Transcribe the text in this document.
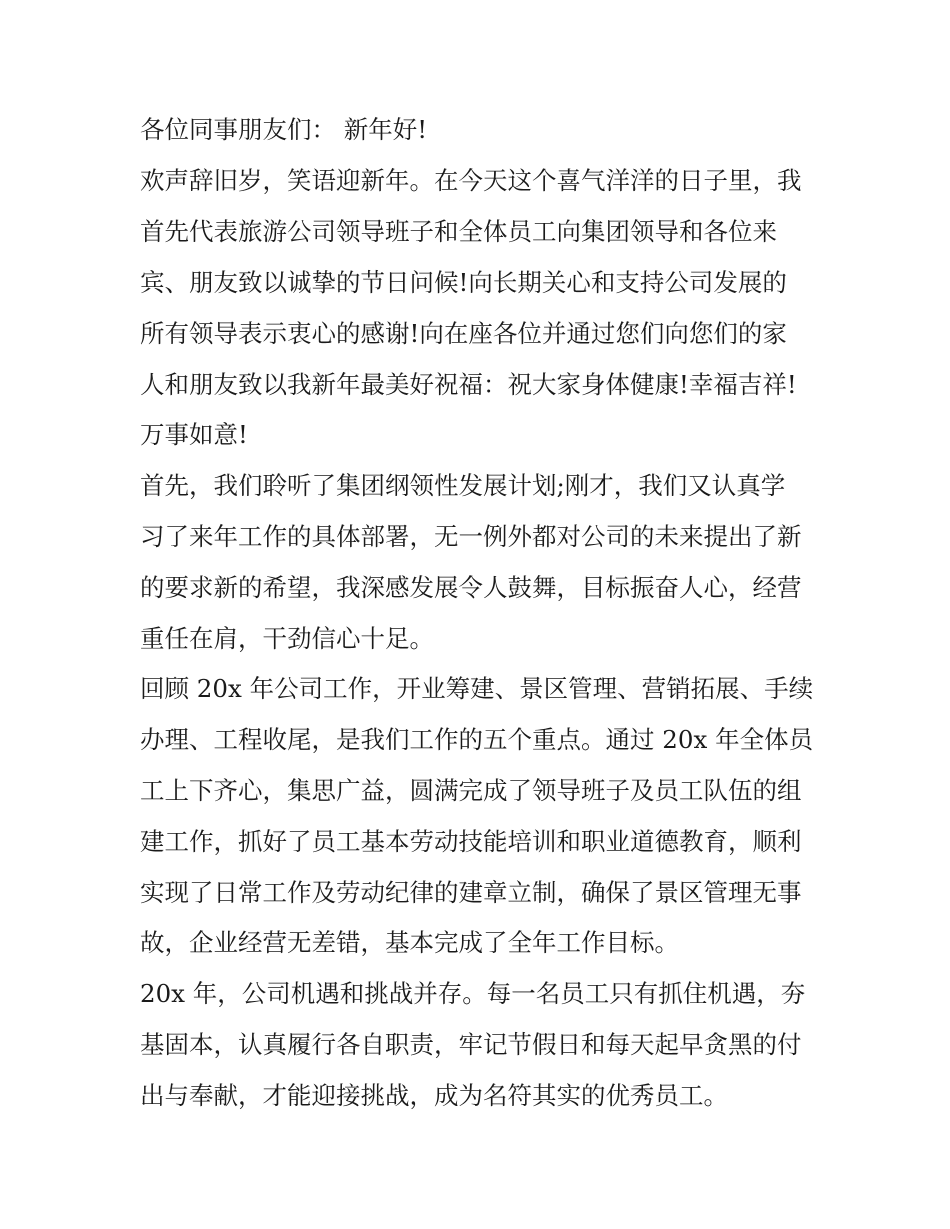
各位同事朋友们： 新年好!

欢声辞旧岁，笑语迎新年。在今天这个喜气洋洋的日子里，我

首先代表旅游公司领导班子和全体员工向集团领导和各位来

宾、朋友致以诚挚的节日问候!向长期关心和支持公司发展的

所有领导表示衷心的感谢!向在座各位并通过您们向您们的家

人和朋友致以我新年最美好祝福：祝大家身体健康!幸福吉祥!

万事如意!

首先，我们聆听了集团纲领性发展计划;刚才，我们又认真学

习了来年工作的具体部署，无一例外都对公司的未来提出了新

的要求新的希望，我深感发展令人鼓舞，目标振奋人心，经营

重任在肩，干劲信心十足。

回顾 20x 年公司工作，开业筹建、景区管理、营销拓展、手续

办理、工程收尾，是我们工作的五个重点。通过 20x 年全体员

工上下齐心，集思广益，圆满完成了领导班子及员工队伍的组

建工作，抓好了员工基本劳动技能培训和职业道德教育，顺利

实现了日常工作及劳动纪律的建章立制，确保了景区管理无事

故，企业经营无差错，基本完成了全年工作目标。

20x 年，公司机遇和挑战并存。每一名员工只有抓住机遇，夯

基固本，认真履行各自职责，牢记节假日和每天起早贪黑的付

出与奉献，才能迎接挑战，成为名符其实的优秀员工。
